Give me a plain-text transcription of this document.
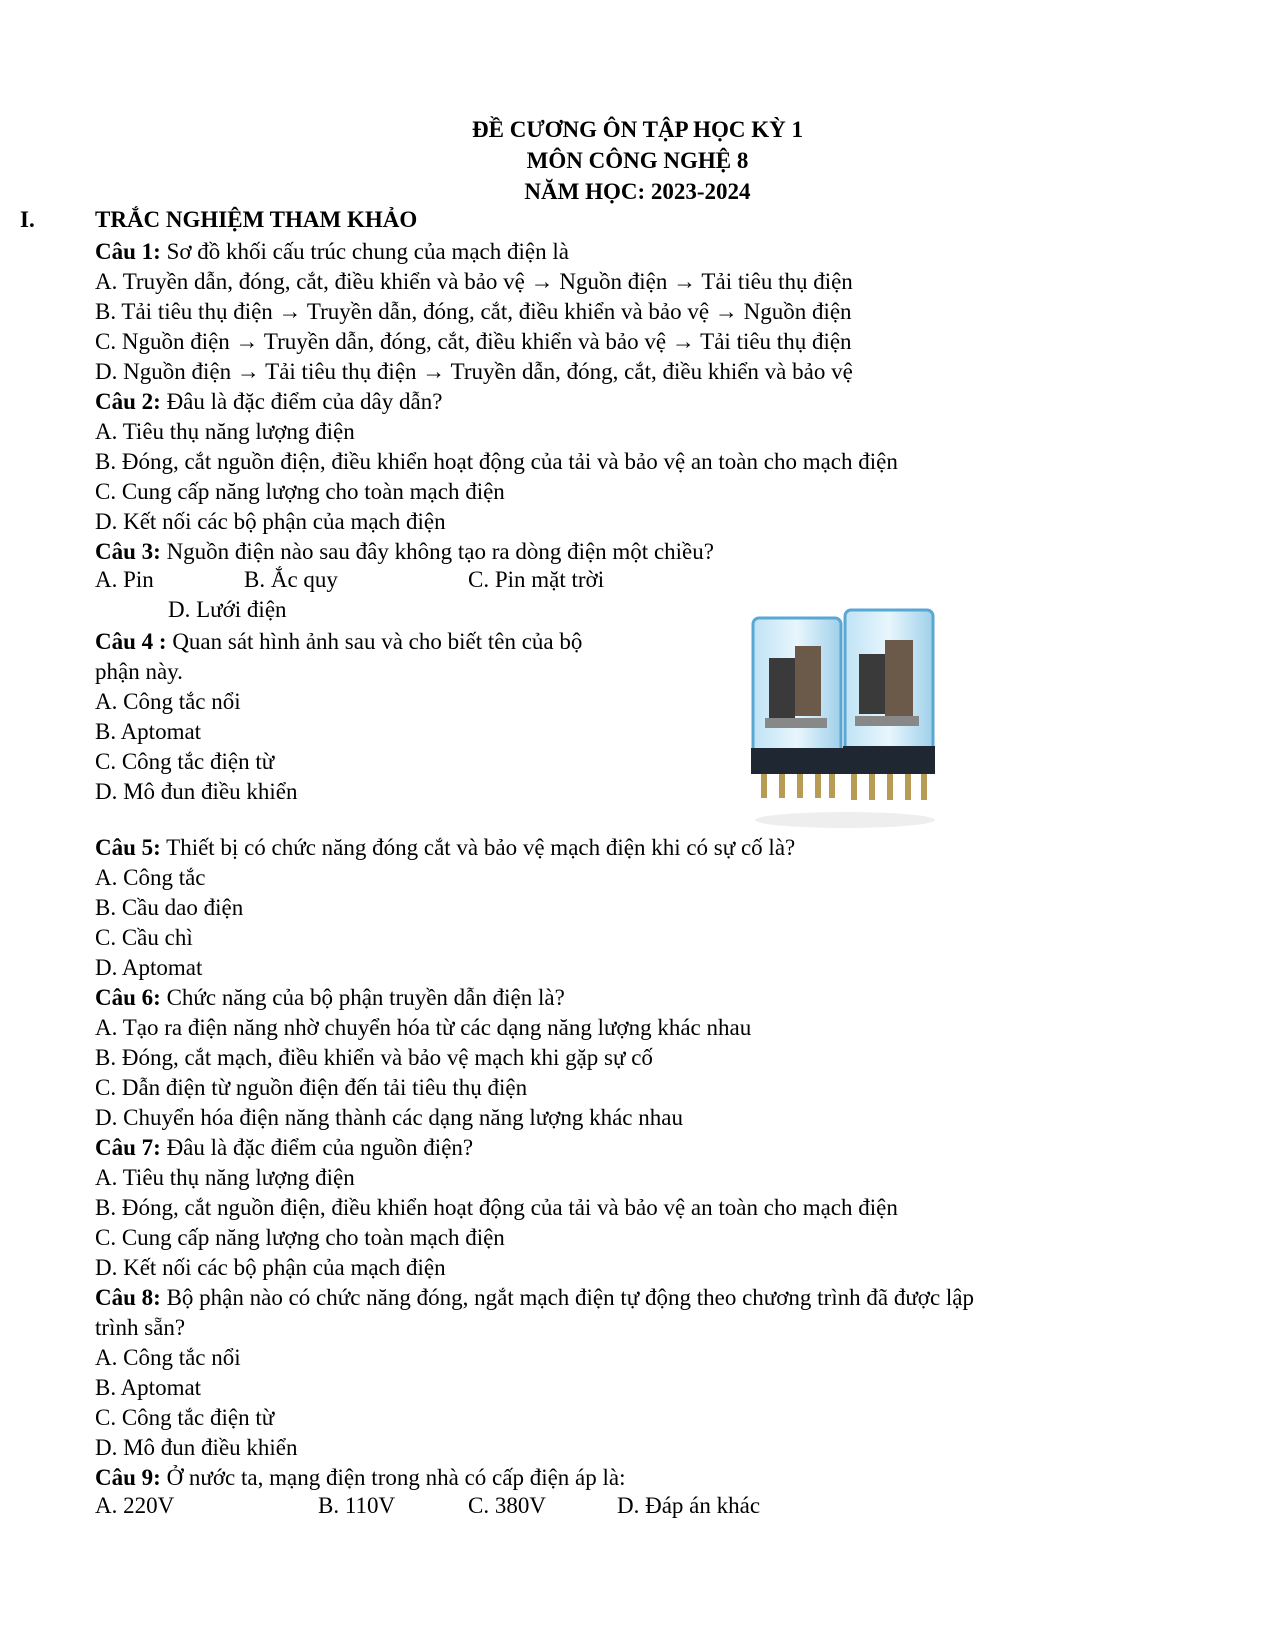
ĐỀ CƯƠNG ÔN TẬP HỌC KỲ 1
MÔN CÔNG NGHỆ 8
NĂM HỌC: 2023-2024
I.	TRẮC NGHIỆM THAM KHẢO
Câu 1: Sơ đồ khối cấu trúc chung của mạch điện là
A. Truyền dẫn, đóng, cắt, điều khiển và bảo vệ → Nguồn điện → Tải tiêu thụ điện
B. Tải tiêu thụ điện → Truyền dẫn, đóng, cắt, điều khiển và bảo vệ → Nguồn điện
C. Nguồn điện → Truyền dẫn, đóng, cắt, điều khiển và bảo vệ → Tải tiêu thụ điện
D. Nguồn điện → Tải tiêu thụ điện → Truyền dẫn, đóng, cắt, điều khiển và bảo vệ
Câu 2: Đâu là đặc điểm của dây dẫn?
A. Tiêu thụ năng lượng điện
B. Đóng, cắt nguồn điện, điều khiển hoạt động của tải và bảo vệ an toàn cho mạch điện
C. Cung cấp năng lượng cho toàn mạch điện
D. Kết nối các bộ phận của mạch điện
Câu 3: Nguồn điện nào sau đây không tạo ra dòng điện một chiều?
A. Pin	B. Ắc quy	C. Pin mặt trời
D. Lưới điện
Câu 4 : Quan sát hình ảnh sau và cho biết tên của bộ
phận này.
A. Công tắc nổi
B. Aptomat
C. Công tắc điện từ
D. Mô đun điều khiển
Câu 5: Thiết bị có chức năng đóng cắt và bảo vệ mạch điện khi có sự cố là?
A. Công tắc
B. Cầu dao điện
C. Cầu chì
D. Aptomat
Câu 6: Chức năng của bộ phận truyền dẫn điện là?
A. Tạo ra điện năng nhờ chuyển hóa từ các dạng năng lượng khác nhau
B. Đóng, cắt mạch, điều khiển và bảo vệ mạch khi gặp sự cố
C. Dẫn điện từ nguồn điện đến tải tiêu thụ điện
D. Chuyển hóa điện năng thành các dạng năng lượng khác nhau
Câu 7: Đâu là đặc điểm của nguồn điện?
A. Tiêu thụ năng lượng điện
B. Đóng, cắt nguồn điện, điều khiển hoạt động của tải và bảo vệ an toàn cho mạch điện
C. Cung cấp năng lượng cho toàn mạch điện
D. Kết nối các bộ phận của mạch điện
Câu 8: Bộ phận nào có chức năng đóng, ngắt mạch điện tự động theo chương trình đã được lập
trình sẵn?
A. Công tắc nổi
B. Aptomat
C. Công tắc điện từ
D. Mô đun điều khiển
Câu 9: Ở nước ta, mạng điện trong nhà có cấp điện áp là:
A. 220V	B. 110V	C. 380V	D. Đáp án khác
